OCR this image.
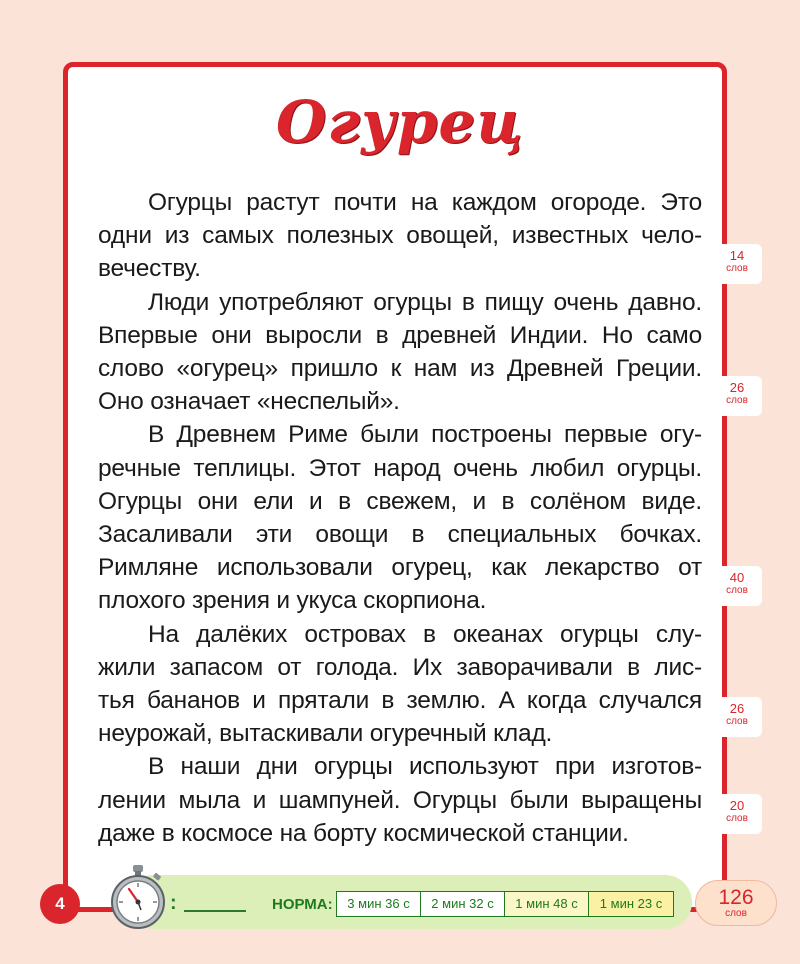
Огурец

Огурцы растут почти на каждом огороде. Это
одни из самых полезных овощей, известных чело-
вечеству.

Люди употребляют огурцы в пищу очень давно.
Впервые они выросли в древней Индии. Но само
слово «огурец» пришло к нам из Древней Греции.
Оно означает «неспелый».

В Древнем Риме были построены первые огу-
речные теплицы. Этот народ очень любил огурцы.
Огурцы они ели и в свежем, и в солёном виде.
Засаливали эти овощи в специальных бочках.
Римляне использовали огурец, как лекарство от
плохого зрения и укуса скорпиона.

На далёких островах в океанах огурцы слу-
жили запасом от голода. Их заворачивали в лис-
тья бананов и прятали в землю. А когда случался
неурожай, вытаскивали огуречный клад.

В наши дни огурцы используют при изготов-
лении мыла и шампуней. Огурцы были выращены
даже в космосе на борту космической станции.

14
слов
26
слов
40
слов
26
слов
20
слов
4	:	НОРМА:	3 мин 36 с	2 мин 32 с	1 мин 48 с	1 мин 23 с	126
слов
